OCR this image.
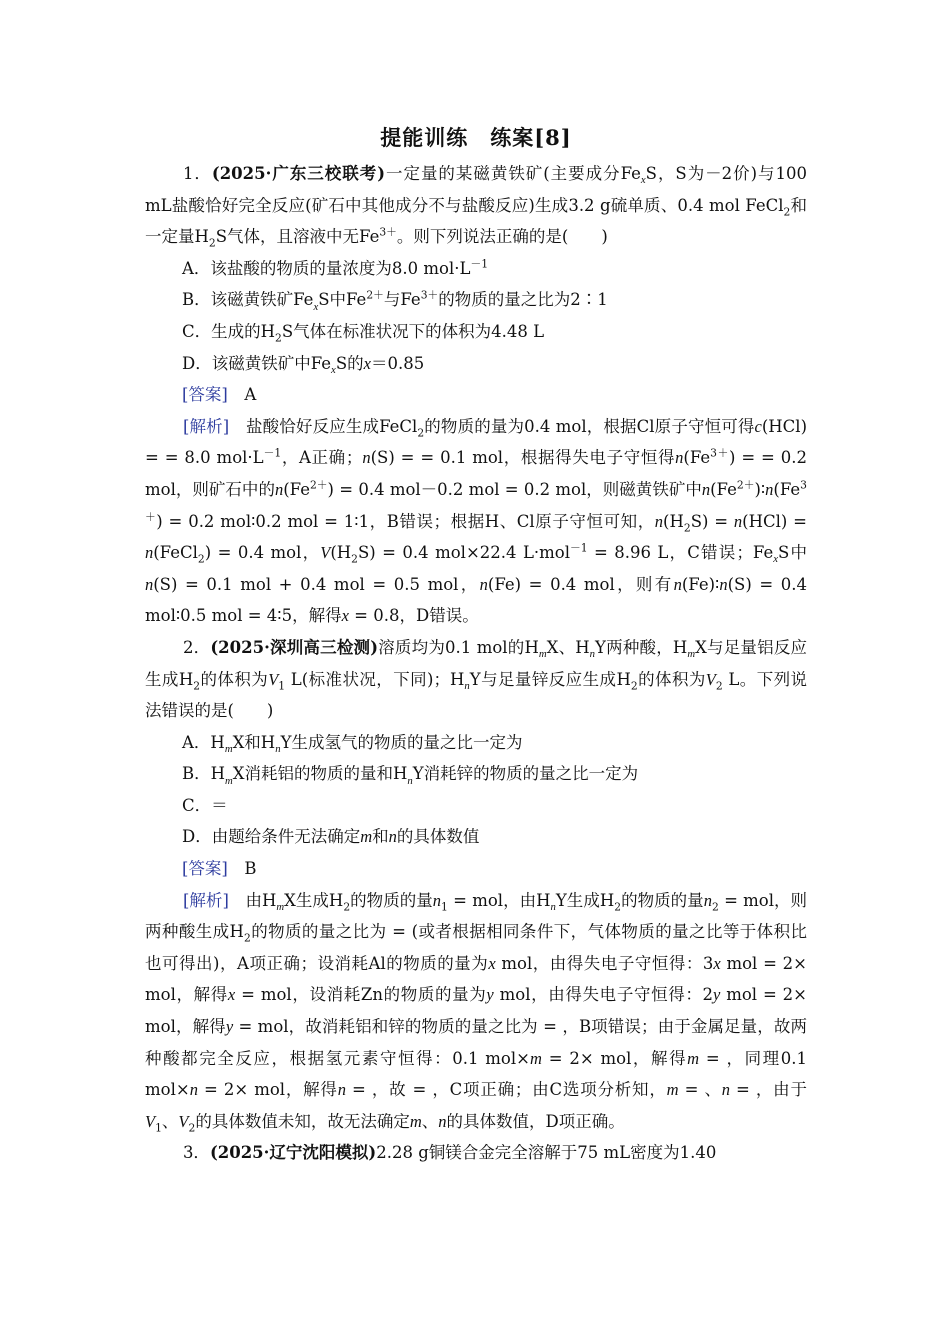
提能训练　练案[8]

1．(2025·广东三校联考)一定量的某磁黄铁矿(主要成分$Fe_xS$，S为－2价)与100 mL盐酸恰好完全反应(矿石中其他成分不与盐酸反应)生成3.2 g硫单质、0.4 mol FeCl$_2$和一定量$H_2S$气体，且溶液中无$Fe^{3+}$。则下列说法正确的是(　　)

A．该盐酸的物质的量浓度为8.0 $mol\cdot L^{-1}$

B．该磁黄铁矿$Fe_xS$中$Fe^{2+}$与$Fe^{3+}$的物质的量之比为2∶1

C．生成的$H_2S$气体在标准状况下的体积为4.48 L

D．该磁黄铁矿中$Fe_xS$的x＝0.85

[答案]　 A

[解析]　 盐酸恰好反应生成FeCl$_2$的物质的量为0.4 mol，根据Cl原子守恒可得c(HCl) = = 8.0 $mol\cdot L^{-1}$，A正确；n(S) = = 0.1 mol，根据得失电子守恒得$n(Fe^{3+})$ = = 0.2 mol，则矿石中的$n(Fe^{2+}) = 0.4$ mol－0.2 mol = 0.2 mol，则磁黄铁矿中$n(Fe^{2+})∶n(Fe^{3+}) = 0.2$ mol∶0.2 mol = 1∶1，B错误；根据H、Cl原子守恒可知，$n(H_2S) = n(HCl)$ = n(FeCl$_2$) = 0.4 mol，$V(H_2S) = 0.4$ mol×22.4 L·mol$^{-1}$ = 8.96 L，C错误；$Fe_xS$中n(S) = 0.1 mol + 0.4 mol = 0.5 mol，n(Fe) = 0.4 mol，则有n(Fe)∶n(S) = 0.4 mol∶0.5 mol = 4∶5，解得x = 0.8，D错误。

2．(2025·深圳高三检测)溶质均为0.1 mol的$H_mX$、$H_nY$两种酸，$H_mX$与足量铝反应生成$H_2$的体积为$V_1$ L(标准状况，下同)；$H_nY$与足量锌反应生成$H_2$的体积为$V_2$ L。下列说法错误的是(　　)

A．$H_mX$和$H_nY$生成氢气的物质的量之比一定为

B．$H_mX$消耗铝的物质的量和$H_nY$消耗锌的物质的量之比一定为

C．＝

D．由题给条件无法确定m和n的具体数值

[答案]　 B

[解析]　 由$H_mX$生成$H_2$的物质的量$n_1$ = mol，由$H_nY$生成$H_2$的物质的量$n_2$ = mol，则两种酸生成$H_2$的物质的量之比为 = (或者根据相同条件下，气体物质的量之比等于体积比也可得出)，A项正确；设消耗Al的物质的量为x mol，由得失电子守恒得：3x mol = 2× mol，解得x = mol，设消耗Zn的物质的量为y mol，由得失电子守恒得：2y mol = 2× mol，解得y = mol，故消耗铝和锌的物质的量之比为 = ，B项错误；由于金属足量，故两种酸都完全反应，根据氢元素守恒得：0.1 mol×m = 2× mol，解得m = ，同理0.1 mol×n = 2× mol，解得n = ，故 = ，C项正确；由C选项分析知，m = 、n = ，由于$V_1$、$V_2$的具体数值未知，故无法确定m、n的具体数值，D项正确。

3．(2025·辽宁沈阳模拟)2.28 g铜镁合金完全溶解于75 mL密度为1.40
